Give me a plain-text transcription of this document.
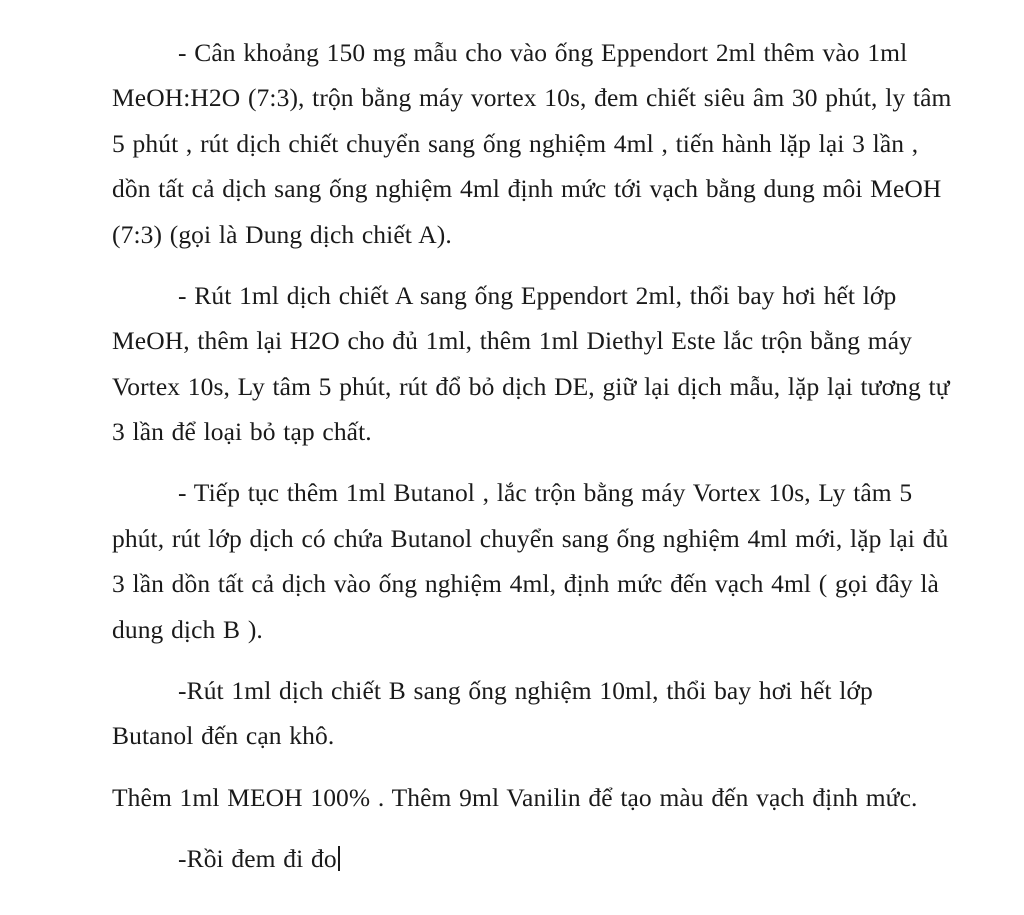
- Cân khoảng 150 mg mẫu cho vào ống Eppendort 2ml thêm vào 1ml MeOH:H2O (7:3), trộn bằng máy vortex 10s, đem chiết siêu âm 30 phút, ly tâm 5 phút , rút dịch chiết chuyển sang ống nghiệm 4ml , tiến hành lặp lại 3 lần , dồn tất cả dịch sang ống nghiệm 4ml định mức tới vạch bằng dung môi MeOH (7:3) (gọi là Dung dịch chiết A).

- Rút 1ml dịch chiết A sang ống Eppendort 2ml, thổi bay hơi hết lớp MeOH, thêm lại H2O cho đủ 1ml, thêm 1ml Diethyl Este lắc trộn bằng máy Vortex 10s, Ly tâm 5 phút, rút đổ bỏ dịch DE, giữ lại dịch mẫu, lặp lại tương tự 3 lần để loại bỏ tạp chất.

- Tiếp tục thêm 1ml Butanol , lắc trộn bằng máy Vortex 10s, Ly tâm 5 phút, rút lớp dịch có chứa Butanol chuyển sang ống nghiệm 4ml mới, lặp lại đủ 3 lần dồn tất cả dịch vào ống nghiệm 4ml, định mức đến vạch 4ml ( gọi đây là dung dịch B ).

-Rút 1ml dịch chiết B sang ống nghiệm 10ml, thổi bay hơi hết lớp Butanol đến cạn khô.

Thêm 1ml MEOH 100% . Thêm 9ml Vanilin để tạo màu đến vạch định mức.

-Rồi đem đi đo
